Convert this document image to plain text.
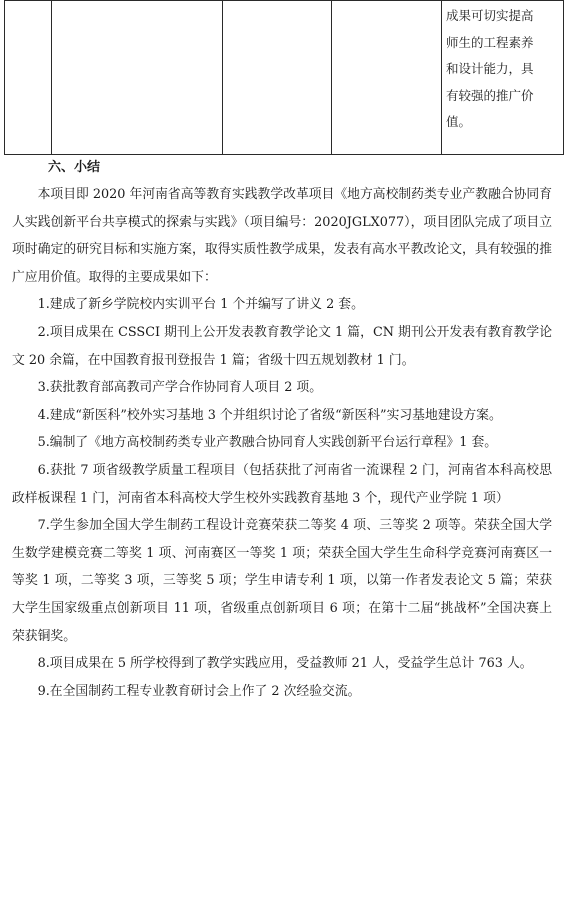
成果可切实提高
师生的工程素养
和设计能力，具
有较强的推广价
值。
六、小结

本项目即 2020 年河南省高等教育实践教学改革项目《地方高校制药类专业产教融合协同育人实践创新平台共享模式的探索与实践》（项目编号：2020JGLX077），项目团队完成了项目立项时确定的研究目标和实施方案，取得实质性教学成果，发表有高水平教改论文，具有较强的推广应用价值。取得的主要成果如下：

1.建成了新乡学院校内实训平台 1 个并编写了讲义 2 套。

2.项目成果在 CSSCI 期刊上公开发表教育教学论文 1 篇，CN 期刊公开发表有教育教学论文 20 余篇，在中国教育报刊登报告 1 篇；省级十四五规划教材 1 门。

3.获批教育部高教司产学合作协同育人项目 2 项。

4.建成“新医科”校外实习基地 3 个并组织讨论了省级“新医科”实习基地建设方案。

5.编制了《地方高校制药类专业产教融合协同育人实践创新平台运行章程》1 套。

6.获批 7 项省级教学质量工程项目（包括获批了河南省一流课程 2 门，河南省本科高校思政样板课程 1 门，河南省本科高校大学生校外实践教育基地 3 个，现代产业学院 1 项）

7.学生参加全国大学生制药工程设计竞赛荣获二等奖 4 项、三等奖 2 项等。荣获全国大学生数学建模竞赛二等奖 1 项、河南赛区一等奖 1 项；荣获全国大学生生命科学竞赛河南赛区一等奖 1 项，二等奖 3 项，三等奖 5 项；学生申请专利 1 项，以第一作者发表论文 5 篇；荣获大学生国家级重点创新项目 11 项，省级重点创新项目 6 项；在第十二届“挑战杯”全国决赛上荣获铜奖。

8.项目成果在 5 所学校得到了教学实践应用，受益教师 21 人，受益学生总计 763 人。

9.在全国制药工程专业教育研讨会上作了 2 次经验交流。
